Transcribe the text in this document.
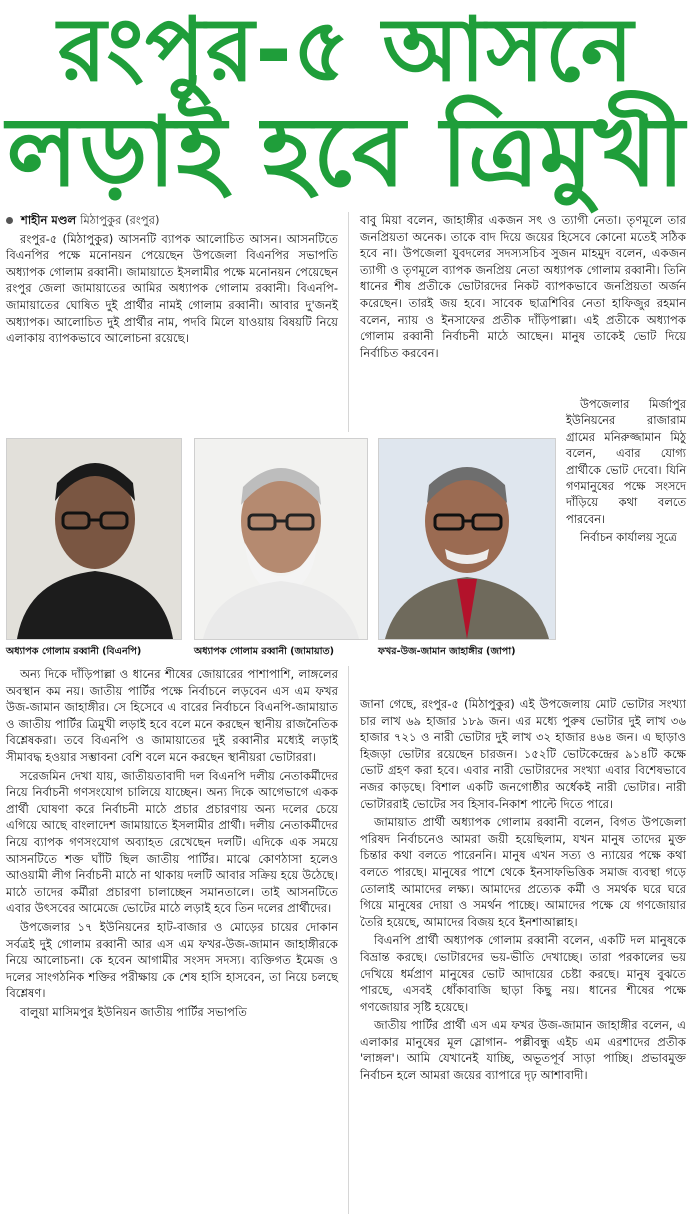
রংপুর-৫ আসনে
লড়াই হবে ত্রিমুখী

শাহীন মণ্ডল মিঠাপুকুর (রংপুর)

রংপুর-৫ (মিঠাপুকুর) আসনটি ব্যাপক আলোচিত আসন। আসনটিতে বিএনপির পক্ষে মনোনয়ন পেয়েছেন উপজেলা বিএনপির সভাপতি অধ্যাপক গোলাম রব্বানী। জামায়াতে ইসলামীর পক্ষে মনোনয়ন পেয়েছেন রংপুর জেলা জামায়াতের আমির অধ্যাপক গোলাম রব্বানী। বিএনপি-জামায়াতের ঘোষিত দুই প্রার্থীর নামই গোলাম রব্বানী। আবার দু'জনই অধ্যাপক। আলোচিত দুই প্রার্থীর নাম, পদবি মিলে যাওয়ায় বিষয়টি নিয়ে এলাকায় ব্যাপকভাবে আলোচনা রয়েছে।

বাবু মিয়া বলেন, জাহাঙ্গীর একজন সৎ ও ত্যাগী নেতা। তৃণমূলে তার জনপ্রিয়তা অনেক। তাকে বাদ দিয়ে জয়ের হিসেবে কোনো মতেই সঠিক হবে না। উপজেলা যুবদলের সদস্যসচিব সুজন মাহমুদ বলেন, একজন ত্যাগী ও তৃণমূলে ব্যাপক জনপ্রিয় নেতা অধ্যাপক গোলাম রব্বানী। তিনি ধানের শীষ প্রতীকে ভোটারদের নিকট ব্যাপকভাবে জনপ্রিয়তা অর্জন করেছেন। তারই জয় হবে। সাবেক ছাত্রশিবির নেতা হাফিজুর রহমান বলেন, ন্যায় ও ইনসাফের প্রতীক দাঁড়িপাল্লা। এই প্রতীকে অধ্যাপক গোলাম রব্বানী নির্বাচনী মাঠে আছেন। মানুষ তাকেই ভোট দিয়ে নির্বাচিত করবেন।

উপজেলার মির্জাপুর ইউনিয়নের রাজারাম গ্রামের মনিরুজ্জামান মিঠু বলেন, এবার যোগ্য প্রার্থীকে ভোট দেবো। যিনি গণমানুষের পক্ষে সংসদে দাঁড়িয়ে কথা বলতে পারবেন।

নির্বাচন কার্যালয় সূত্রে

অধ্যাপক গোলাম রব্বানী (বিএনপি)	অধ্যাপক গোলাম রব্বানী (জামায়াত)	ফখর-উজ-জামান জাহাঙ্গীর (জাপা)

অন্য দিকে দাঁড়িপাল্লা ও ধানের শীষের জোয়ারের পাশাপাশি, লাঙ্গলের অবস্থান কম নয়। জাতীয় পার্টির পক্ষে নির্বাচনে লড়বেন এস এম ফখর উজ-জামান জাহাঙ্গীর। সে হিসেবে এ বারের নির্বাচনে বিএনপি-জামায়াত ও জাতীয় পার্টির ত্রিমুখী লড়াই হবে বলে মনে করছেন স্থানীয় রাজনৈতিক বিশ্লেষকরা। তবে বিএনপি ও জামায়াতের দুই রব্বানীর মধ্যেই লড়াই সীমাবদ্ধ হওয়ার সম্ভাবনা বেশি বলে মনে করছেন স্থানীয়রা ভোটাররা।

সরেজমিন দেখা যায়, জাতীয়তাবাদী দল বিএনপি দলীয় নেতাকর্মীদের নিয়ে নির্বাচনী গণসংযোগ চালিয়ে যাচ্ছেন। অন্য দিকে আগেভাগে একক প্রার্থী ঘোষণা করে নির্বাচনী মাঠে প্রচার প্রচারণায় অন্য দলের চেয়ে এগিয়ে আছে বাংলাদেশ জামায়াতে ইসলামীর প্রার্থী। দলীয় নেতাকর্মীদের নিয়ে ব্যাপক গণসংযোগ অব্যাহত রেখেছেন দলটি। এদিকে এক সময়ে আসনটিতে শক্ত ঘাঁটি ছিল জাতীয় পার্টির। মাঝে কোণঠাসা হলেও আওয়ামী লীগ নির্বাচনী মাঠে না থাকায় দলটি আবার সক্রিয় হয়ে উঠেছে। মাঠে তাদের কর্মীরা প্রচারণা চালাচ্ছেন সমানতালে। তাই আসনটিতে এবার উৎসবের আমেজে ভোটের মাঠে লড়াই হবে তিন দলের প্রার্থীদের।

উপজেলার ১৭ ইউনিয়নের হাট-বাজার ও মোড়ের চায়ের দোকান সর্বত্রই দুই গোলাম রব্বানী আর এস এম ফখর-উজ-জামান জাহাঙ্গীরকে নিয়ে আলোচনা। কে হবেন আগামীর সংসদ সদস্য। ব্যক্তিগত ইমেজ ও দলের সাংগঠনিক শক্তির পরীক্ষায় কে শেষ হাসি হাসবেন, তা নিয়ে চলছে বিশ্লেষণ।

বালুয়া মাসিমপুর ইউনিয়ন জাতীয় পার্টির সভাপতি

জানা গেছে, রংপুর-৫ (মিঠাপুকুর) এই উপজেলায় মোট ভোটার সংখ্যা চার লাখ ৬৯ হাজার ১৮৯ জন। এর মধ্যে পুরুষ ভোটার দুই লাখ ৩৬ হাজার ৭২১ ও নারী ভোটার দুই লাখ ৩২ হাজার ৪৬৪ জন। এ ছাড়াও হিজড়া ভোটার রয়েছেন চারজন। ১৫২টি ভোটকেন্দ্রের ৯১৪টি কক্ষে ভোট গ্রহণ করা হবে। এবার নারী ভোটারদের সংখ্যা এবার বিশেষভাবে নজর কাড়ছে। বিশাল একটি জনগোষ্ঠীর অর্ধেকই নারী ভোটার। নারী ভোটাররাই ভোটের সব হিসাব-নিকাশ পাল্টে দিতে পারে।

জামায়াত প্রার্থী অধ্যাপক গোলাম রব্বানী বলেন, বিগত উপজেলা পরিষদ নির্বাচনেও আমরা জয়ী হয়েছিলাম, যখন মানুষ তাদের মুক্ত চিন্তার কথা বলতে পারেননি। মানুষ এখন সত্য ও ন্যায়ের পক্ষে কথা বলতে পারছে। মানুষের পাশে থেকে ইনসাফভিত্তিক সমাজ ব্যবস্থা গড়ে তোলাই আমাদের লক্ষ্য। আমাদের প্রত্যেক কর্মী ও সমর্থক ঘরে ঘরে গিয়ে মানুষের দোয়া ও সমর্থন পাচ্ছে। আমাদের পক্ষে যে গণজোয়ার তৈরি হয়েছে, আমাদের বিজয় হবে ইনশাআল্লাহ।

বিএনপি প্রার্থী অধ্যাপক গোলাম রব্বানী বলেন, একটি দল মানুষকে বিভ্রান্ত করছে। ভোটারদের ভয়-ভীতি দেখাচ্ছে। তারা পরকালের ভয় দেখিয়ে ধর্মপ্রাণ মানুষের ভোট আদায়ের চেষ্টা করছে। মানুষ বুঝতে পারছে, এসবই ধোঁকাবাজি ছাড়া কিছু নয়। ধানের শীষের পক্ষে গণজোয়ার সৃষ্টি হয়েছে।

জাতীয় পার্টির প্রার্থী এস এম ফখর উজ-জামান জাহাঙ্গীর বলেন, এ এলাকার মানুষের মূল স্লোগান- পল্লীবন্ধু এইচ এম এরশাদের প্রতীক 'লাঙ্গল'। আমি যেখানেই যাচ্ছি, অভূতপূর্ব সাড়া পাচ্ছি। প্রভাবমুক্ত নির্বাচন হলে আমরা জয়ের ব্যাপারে দৃঢ় আশাবাদী।
